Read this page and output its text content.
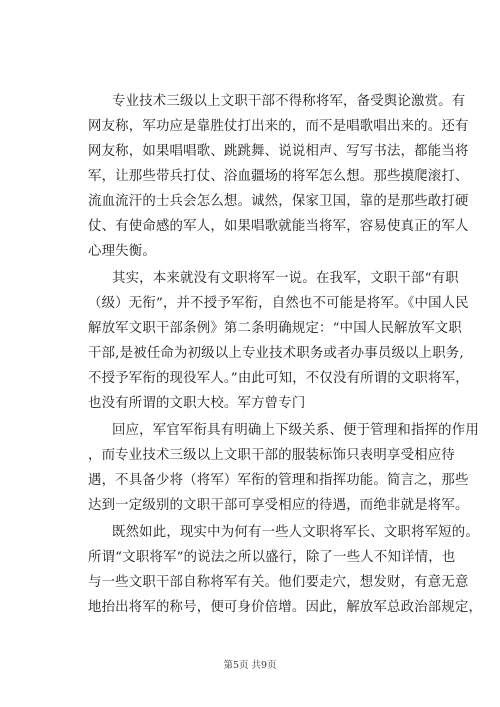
专业技术三级以上文职干部不得称将军，备受舆论激赏。有
网友称，军功应是靠胜仗打出来的，而不是唱歌唱出来的。还有
网友称，如果唱唱歌、跳跳舞、说说相声、写写书法，都能当将
军，让那些带兵打仗、浴血疆场的将军怎么想。那些摸爬滚打、
流血流汗的士兵会怎么想。诚然，保家卫国，靠的是那些敢打硬
仗、有使命感的军人，如果唱歌就能当将军，容易使真正的军人
心理失衡。
其实，本来就没有文职将军一说。在我军，文职干部“有职
（级）无衔”，并不授予军衔，自然也不可能是将军。《中国人民
解放军文职干部条例》第二条明确规定：“中国人民解放军文职
干部,是被任命为初级以上专业技术职务或者办事员级以上职务,
不授予军衔的现役军人。”由此可知，不仅没有所谓的文职将军，
也没有所谓的文职大校。军方曾专门
回应，军官军衔具有明确上下级关系、便于管理和指挥的作用
，而专业技术三级以上文职干部的服装标饰只表明享受相应待
遇，不具备少将（将军）军衔的管理和指挥功能。简言之，那些
达到一定级别的文职干部可享受相应的待遇，而绝非就是将军。
既然如此，现实中为何有一些人文职将军长、文职将军短的。
所谓“文职将军”的说法之所以盛行，除了一些人不知详情，也
与一些文职干部自称将军有关。他们要走穴，想发财，有意无意
地抬出将军的称号，便可身价倍增。因此，解放军总政治部规定，
第5页 共9页
